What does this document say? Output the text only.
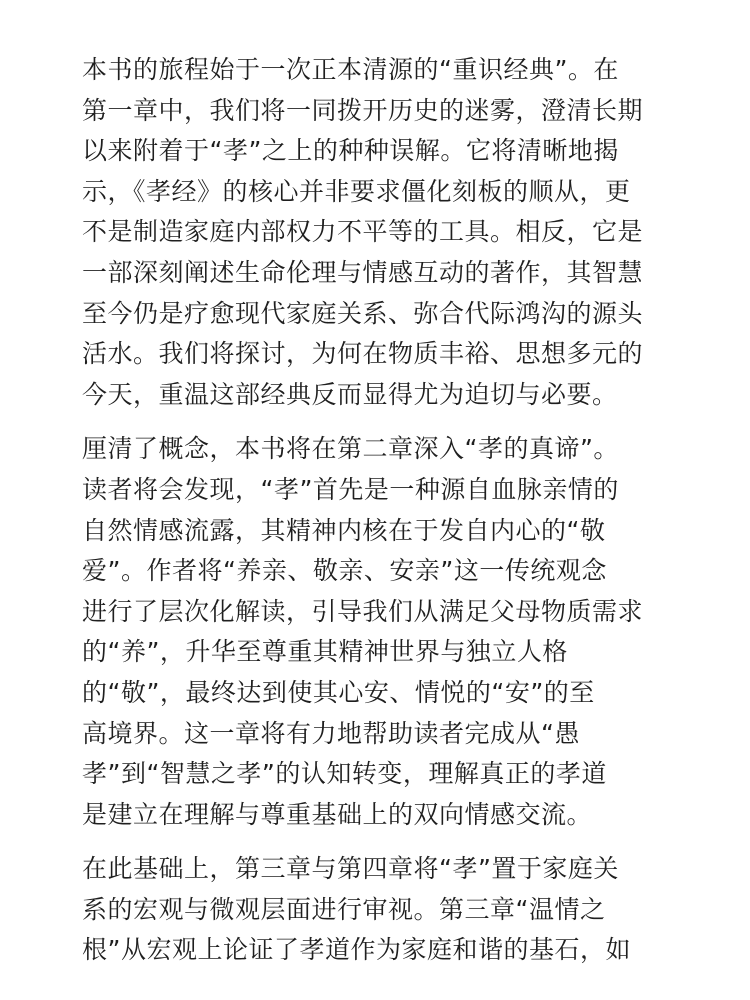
本书的旅程始于一次正本清源的“重识经典”。在
第一章中，我们将一同拨开历史的迷雾，澄清长期
以来附着于“孝”之上的种种误解。它将清晰地揭
示，《孝经》的核心并非要求僵化刻板的顺从，更
不是制造家庭内部权力不平等的工具。相反，它是
一部深刻阐述生命伦理与情感互动的著作，其智慧
至今仍是疗愈现代家庭关系、弥合代际鸿沟的源头
活水。我们将探讨，为何在物质丰裕、思想多元的
今天，重温这部经典反而显得尤为迫切与必要。

厘清了概念，本书将在第二章深入“孝的真谛”。
读者将会发现，“孝”首先是一种源自血脉亲情的
自然情感流露，其精神内核在于发自内心的“敬
爱”。作者将“养亲、敬亲、安亲”这一传统观念
进行了层次化解读，引导我们从满足父母物质需求
的“养”，升华至尊重其精神世界与独立人格
的“敬”，最终达到使其心安、情悦的“安”的至
高境界。这一章将有力地帮助读者完成从“愚
孝”到“智慧之孝”的认知转变，理解真正的孝道
是建立在理解与尊重基础上的双向情感交流。

在此基础上，第三章与第四章将“孝”置于家庭关
系的宏观与微观层面进行审视。第三章“温情之
根”从宏观上论证了孝道作为家庭和谐的基石，如
